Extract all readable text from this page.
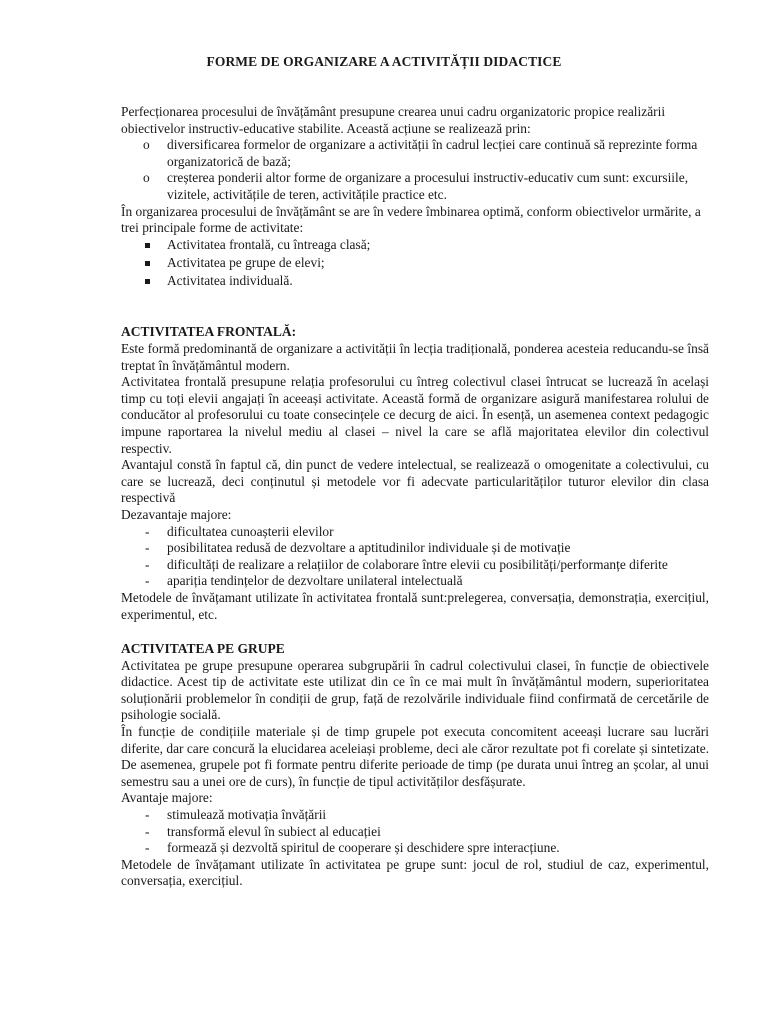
FORME DE ORGANIZARE A ACTIVITĂȚII DIDACTICE

Perfecționarea procesului de învățământ presupune crearea unui cadru organizatoric propice realizării obiectivelor instructiv-educative stabilite. Această acțiune se realizează prin:

o diversificarea formelor de organizare a activității în cadrul lecției care continuă să reprezinte forma organizatorică de bază;
o creșterea ponderii altor forme de organizare a procesului instructiv-educativ cum sunt: excursiile, vizitele, activitățile de teren, activitățile practice etc.

În organizarea procesului de învățământ se are în vedere îmbinarea optimă, conform obiectivelor urmărite, a trei principale forme de activitate:

Activitatea frontală, cu întreaga clasă;
Activitatea pe grupe de elevi;
Activitatea individuală.
ACTIVITATEA FRONTALĂ:

Este formă predominantă de organizare a activității în lecția tradițională, ponderea acesteia reducandu-se însă treptat în învățământul modern.

Activitatea frontală presupune relația profesorului cu întreg colectivul clasei întrucat se lucrează în același timp cu toți elevii angajați în aceeași activitate. Această formă de organizare asigură manifestarea rolului de conducător al profesorului cu toate consecințele ce decurg de aici. În esență, un asemenea context pedagogic impune raportarea la nivelul mediu al clasei – nivel la care se află majoritatea elevilor din colectivul respectiv.

Avantajul constă în faptul că, din punct de vedere intelectual, se realizează o omogenitate a colectivului, cu care se lucrează, deci conținutul și metodele vor fi adecvate particularităților tuturor elevilor din clasa respectivă

Dezavantaje majore:

- dificultatea cunoașterii elevilor
- posibilitatea redusă de dezvoltare a aptitudinilor individuale și de motivație
- dificultăți de realizare a relațiilor de colaborare între elevii cu posibilități/performanțe diferite
- apariția tendințelor de dezvoltare unilateral intelectuală

Metodele de învățamant utilizate în activitatea frontală sunt:prelegerea, conversația, demonstrația, exercițiul, experimentul, etc.

ACTIVITATEA PE GRUPE

Activitatea pe grupe presupune operarea subgrupării în cadrul colectivului clasei, în funcție de obiectivele didactice. Acest tip de activitate este utilizat din ce în ce mai mult în învățământul modern, superioritatea soluționării problemelor în condiții de grup, față de rezolvările individuale fiind confirmată de cercetările de psihologie socială.

În funcție de condițiile materiale și de timp grupele pot executa concomitent aceeași lucrare sau lucrări diferite, dar care concură la elucidarea aceleiași probleme, deci ale căror rezultate pot fi corelate și sintetizate. De asemenea, grupele pot fi formate pentru diferite perioade de timp (pe durata unui întreg an școlar, al unui semestru sau a unei ore de curs), în funcție de tipul activităților desfășurate.

Avantaje majore:

- stimulează motivația învățării
- transformă elevul în subiect al educației
- formează și dezvoltă spiritul de cooperare și deschidere spre interacțiune.

Metodele de învățamant utilizate în activitatea pe grupe sunt: jocul de rol, studiul de caz, experimentul, conversația, exercițiul.
